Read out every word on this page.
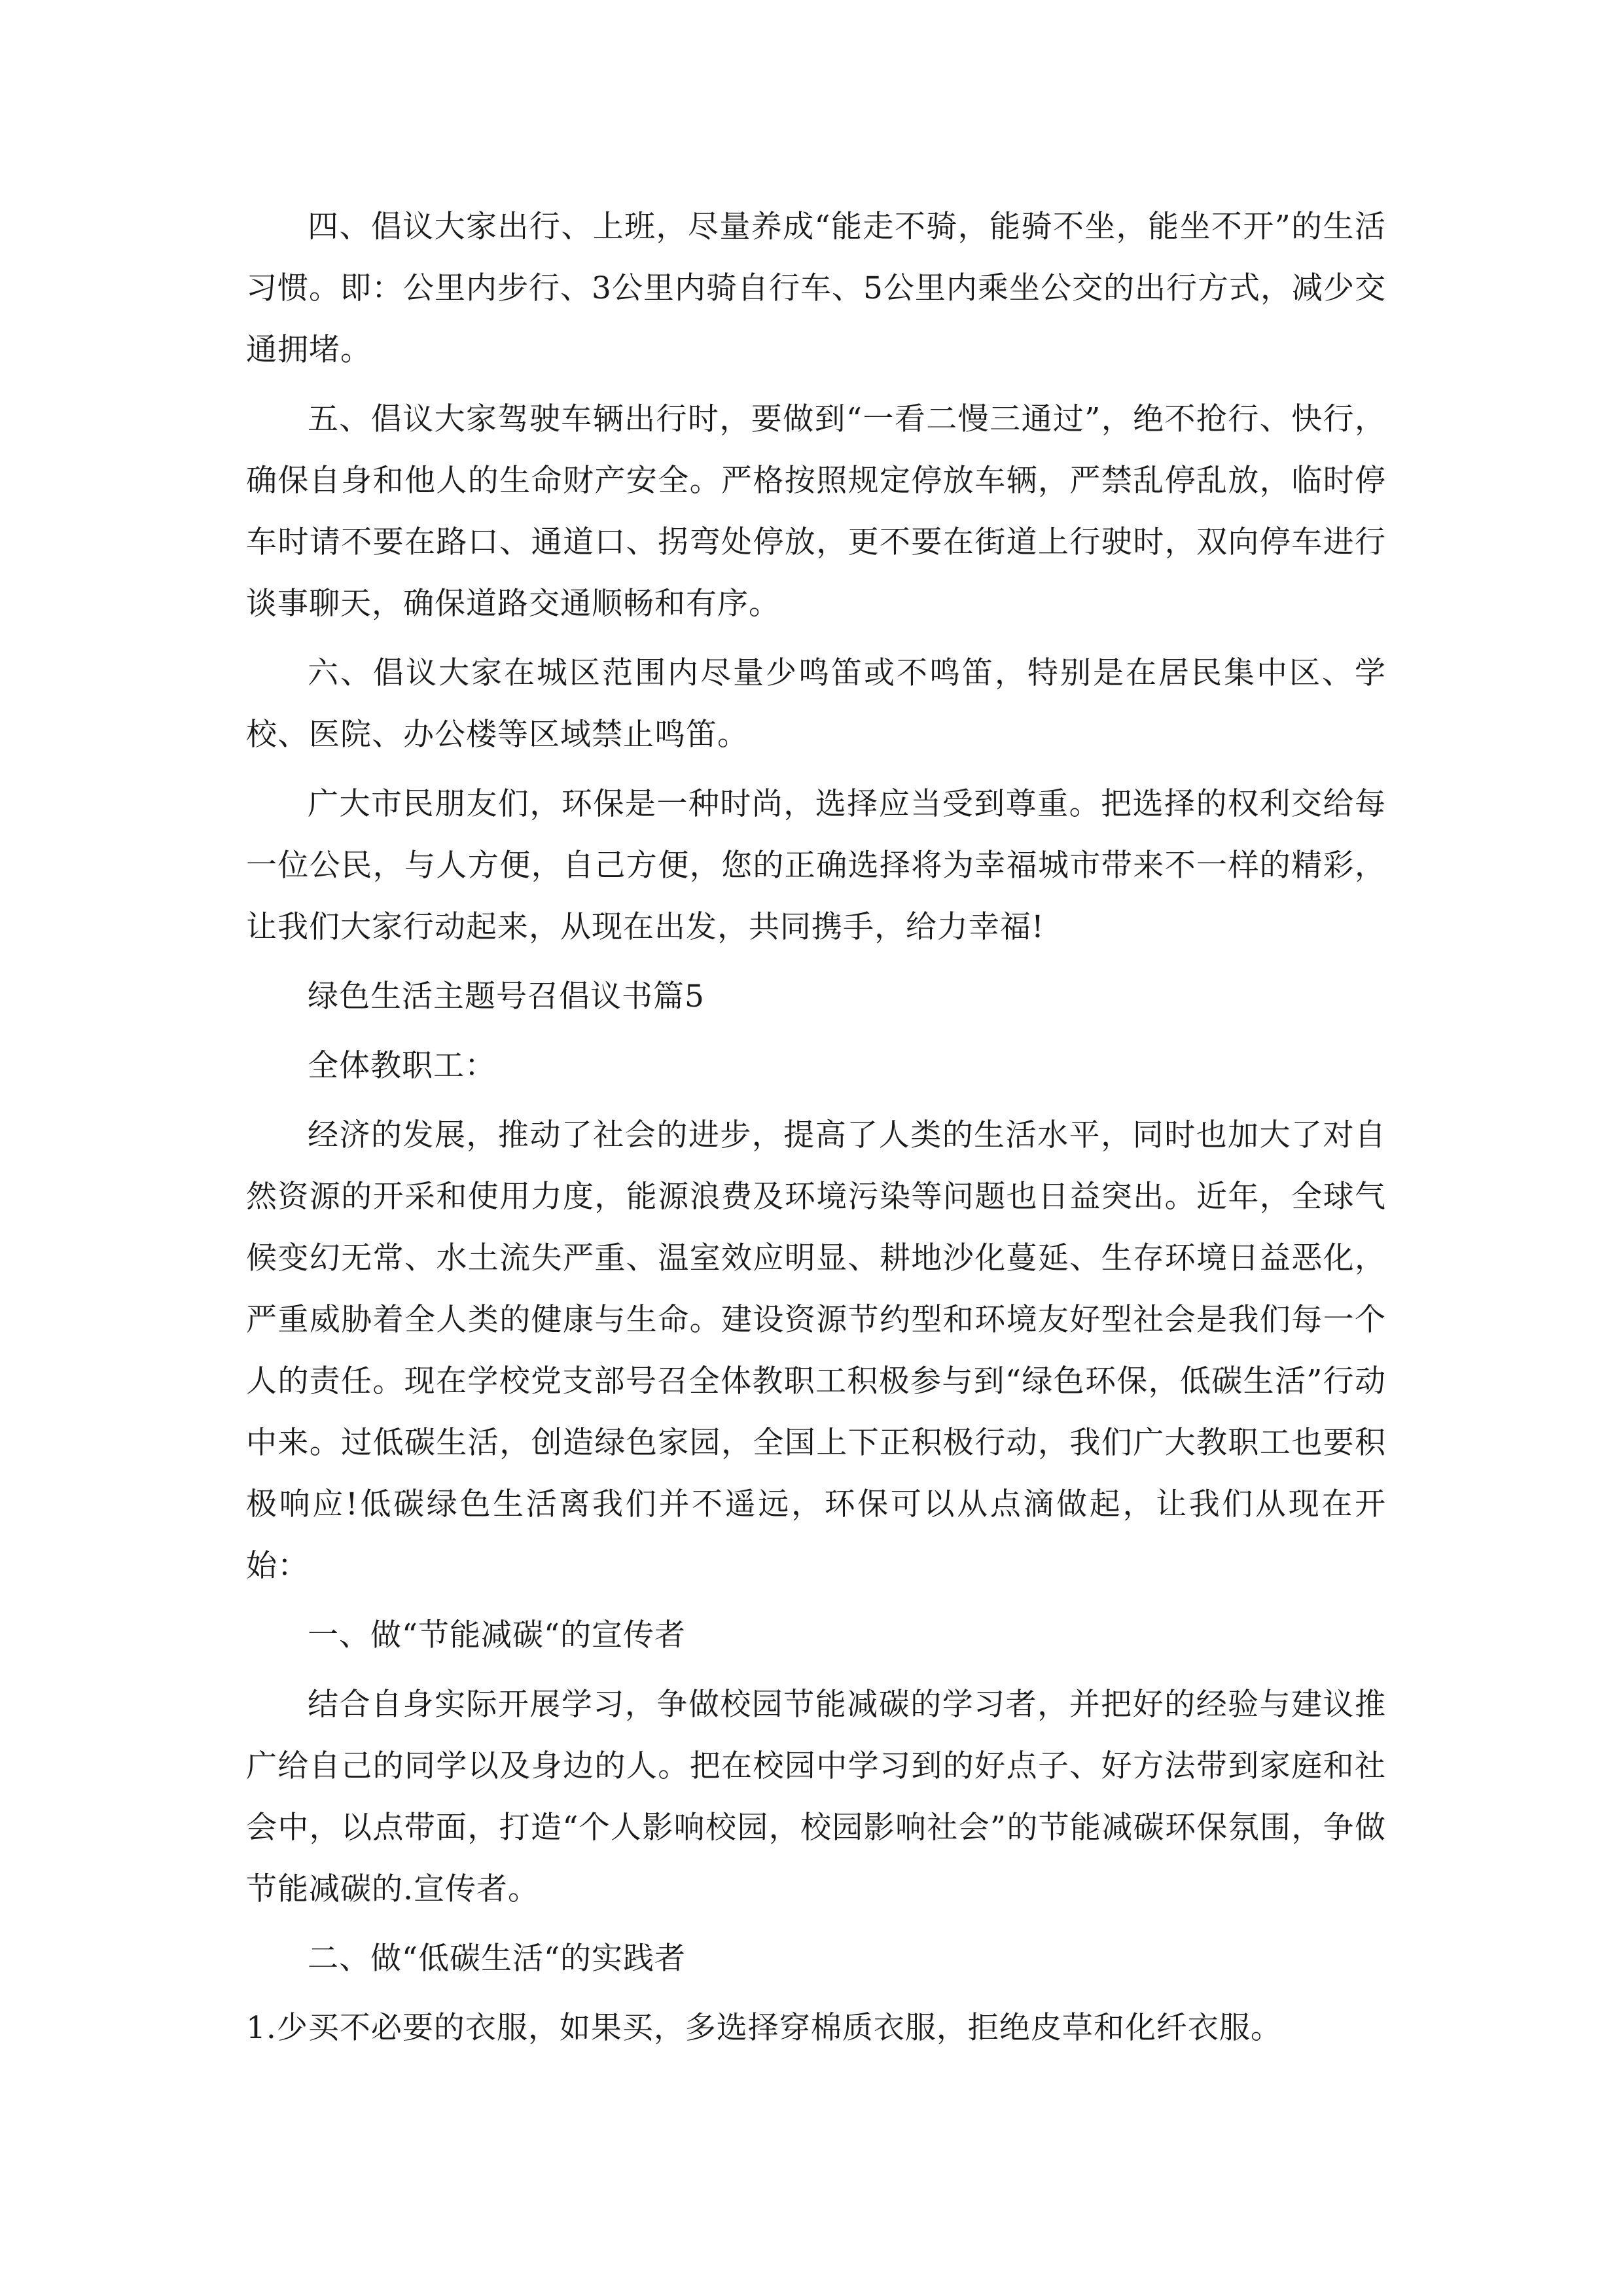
四、倡议大家出行、上班，尽量养成“能走不骑，能骑不坐，能坐不开”的生活习惯。即：公里内步行、3公里内骑自行车、5公里内乘坐公交的出行方式，减少交通拥堵。

五、倡议大家驾驶车辆出行时，要做到“一看二慢三通过”，绝不抢行、快行，确保自身和他人的生命财产安全。严格按照规定停放车辆，严禁乱停乱放，临时停车时请不要在路口、通道口、拐弯处停放，更不要在街道上行驶时，双向停车进行谈事聊天，确保道路交通顺畅和有序。

六、倡议大家在城区范围内尽量少鸣笛或不鸣笛，特别是在居民集中区、学校、医院、办公楼等区域禁止鸣笛。

广大市民朋友们，环保是一种时尚，选择应当受到尊重。把选择的权利交给每一位公民，与人方便，自己方便，您的正确选择将为幸福城市带来不一样的精彩，让我们大家行动起来，从现在出发，共同携手，给力幸福!

绿色生活主题号召倡议书篇5

全体教职工：

经济的发展，推动了社会的进步，提高了人类的生活水平，同时也加大了对自然资源的开采和使用力度，能源浪费及环境污染等问题也日益突出。近年，全球气候变幻无常、水土流失严重、温室效应明显、耕地沙化蔓延、生存环境日益恶化，严重威胁着全人类的健康与生命。建设资源节约型和环境友好型社会是我们每一个人的责任。现在学校党支部号召全体教职工积极参与到“绿色环保，低碳生活”行动中来。过低碳生活，创造绿色家园，全国上下正积极行动，我们广大教职工也要积极响应!低碳绿色生活离我们并不遥远，环保可以从点滴做起，让我们从现在开始：

一、做“节能减碳“的宣传者

结合自身实际开展学习，争做校园节能减碳的学习者，并把好的经验与建议推广给自己的同学以及身边的人。把在校园中学习到的好点子、好方法带到家庭和社会中，以点带面，打造“个人影响校园，校园影响社会”的节能减碳环保氛围，争做节能减碳的.宣传者。

二、做“低碳生活“的实践者

1.少买不必要的衣服，如果买，多选择穿棉质衣服，拒绝皮草和化纤衣服。
